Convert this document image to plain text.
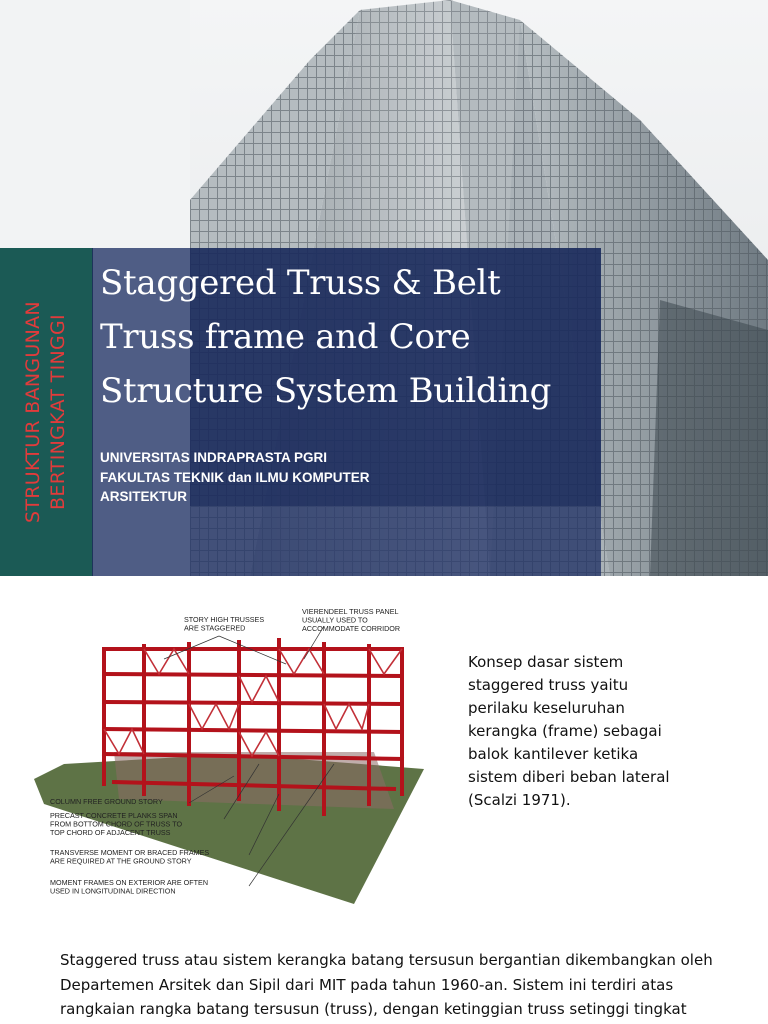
STRUKTUR BANGUNAN BERTINGKAT TINGGI
Staggered Truss & Belt
Truss frame and Core
Structure System Building
UNIVERSITAS INDRAPRASTA PGRI
FAKULTAS TEKNIK dan ILMU KOMPUTER
ARSITEKTUR
STORY HIGH TRUSSES ARE STAGGERED
VIERENDEEL TRUSS PANEL USUALLY USED TO ACCOMMODATE CORRIDOR
COLUMN FREE GROUND STORY
PRECAST CONCRETE PLANKS SPAN FROM BOTTOM CHORD OF TRUSS TO TOP CHORD OF ADJACENT TRUSS
TRANSVERSE MOMENT OR BRACED FRAMES ARE REQUIRED AT THE GROUND STORY
MOMENT FRAMES ON EXTERIOR ARE OFTEN USED IN LONGITUDINAL DIRECTION
Konsep dasar sistem
staggered truss yaitu
perilaku keseluruhan
kerangka (frame) sebagai
balok kantilever ketika
sistem diberi beban lateral
(Scalzi 1971).

Staggered truss atau sistem kerangka batang tersusun bergantian dikembangkan oleh
Departemen Arsitek dan Sipil dari MIT pada tahun 1960-an. Sistem ini terdiri atas
rangkaian rangka batang tersusun (truss), dengan ketinggian truss setinggi tingkat
